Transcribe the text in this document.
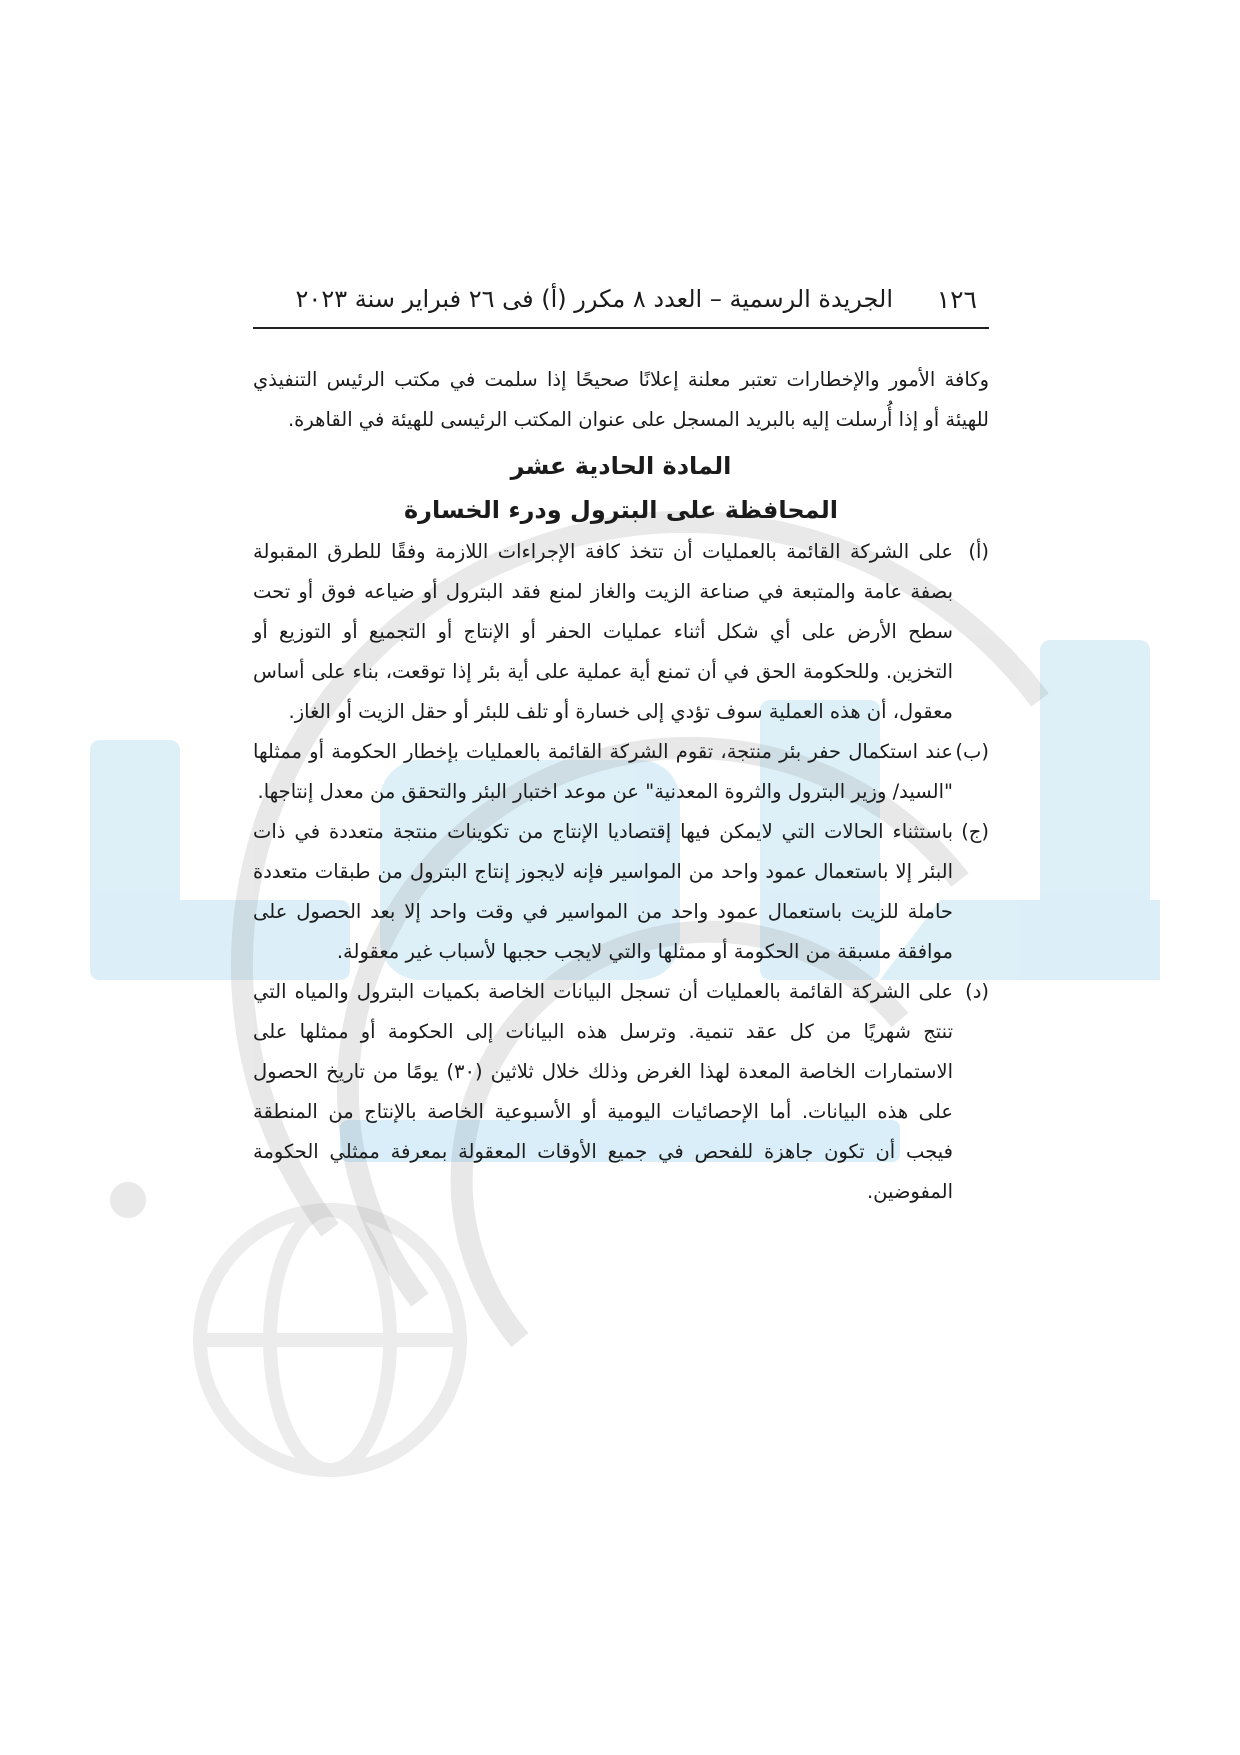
١٢٦
الجريدة الرسمية – العدد ٨ مكرر (أ) فى ٢٦ فبراير سنة ٢٠٢٣

وكافة الأمور والإخطارات تعتبر معلنة إعلانًا صحيحًا إذا سلمت في مكتب الرئيس التنفيذي للهيئة أو إذا أُرسلت إليه بالبريد المسجل على عنوان المكتب الرئيسى للهيئة في القاهرة.

المادة الحادية عشر

المحافظة على البترول ودرء الخسارة

(أ)

على الشركة القائمة بالعمليات أن تتخذ كافة الإجراءات اللازمة وفقًا للطرق المقبولة بصفة عامة والمتبعة في صناعة الزيت والغاز لمنع فقد البترول أو ضياعه فوق أو تحت سطح الأرض على أي شكل أثناء عمليات الحفر أو الإنتاج أو التجميع أو التوزيع أو التخزين. وللحكومة الحق في أن تمنع أية عملية على أية بئر إذا توقعت، بناء على أساس معقول، أن هذه العملية سوف تؤدي إلى خسارة أو تلف للبئر أو حقل الزيت أو الغاز.

(ب)

عند استكمال حفر بئر منتجة، تقوم الشركة القائمة بالعمليات بإخطار الحكومة أو ممثلها "السيد/ وزير البترول والثروة المعدنية" عن موعد اختبار البئر والتحقق من معدل إنتاجها.

(ج)

باستثناء الحالات التي لايمكن فيها إقتصاديا الإنتاج من تكوينات منتجة متعددة في ذات البئر إلا باستعمال عمود واحد من المواسير فإنه لايجوز إنتاج البترول من طبقات متعددة حاملة للزيت باستعمال عمود واحد من المواسير في وقت واحد إلا بعد الحصول على موافقة مسبقة من الحكومة أو ممثلها والتي لايجب حجبها لأسباب غير معقولة.

(د)

على الشركة القائمة بالعمليات أن تسجل البيانات الخاصة بكميات البترول والمياه التي تنتج شهريًا من كل عقد تنمية. وترسل هذه البيانات إلى الحكومة أو ممثلها على الاستمارات الخاصة المعدة لهذا الغرض وذلك خلال ثلاثين (٣٠) يومًا من تاريخ الحصول على هذه البيانات. أما الإحصائيات اليومية أو الأسبوعية الخاصة بالإنتاج من المنطقة فيجب أن تكون جاهزة للفحص في جميع الأوقات المعقولة بمعرفة ممثلي الحكومة المفوضين.
